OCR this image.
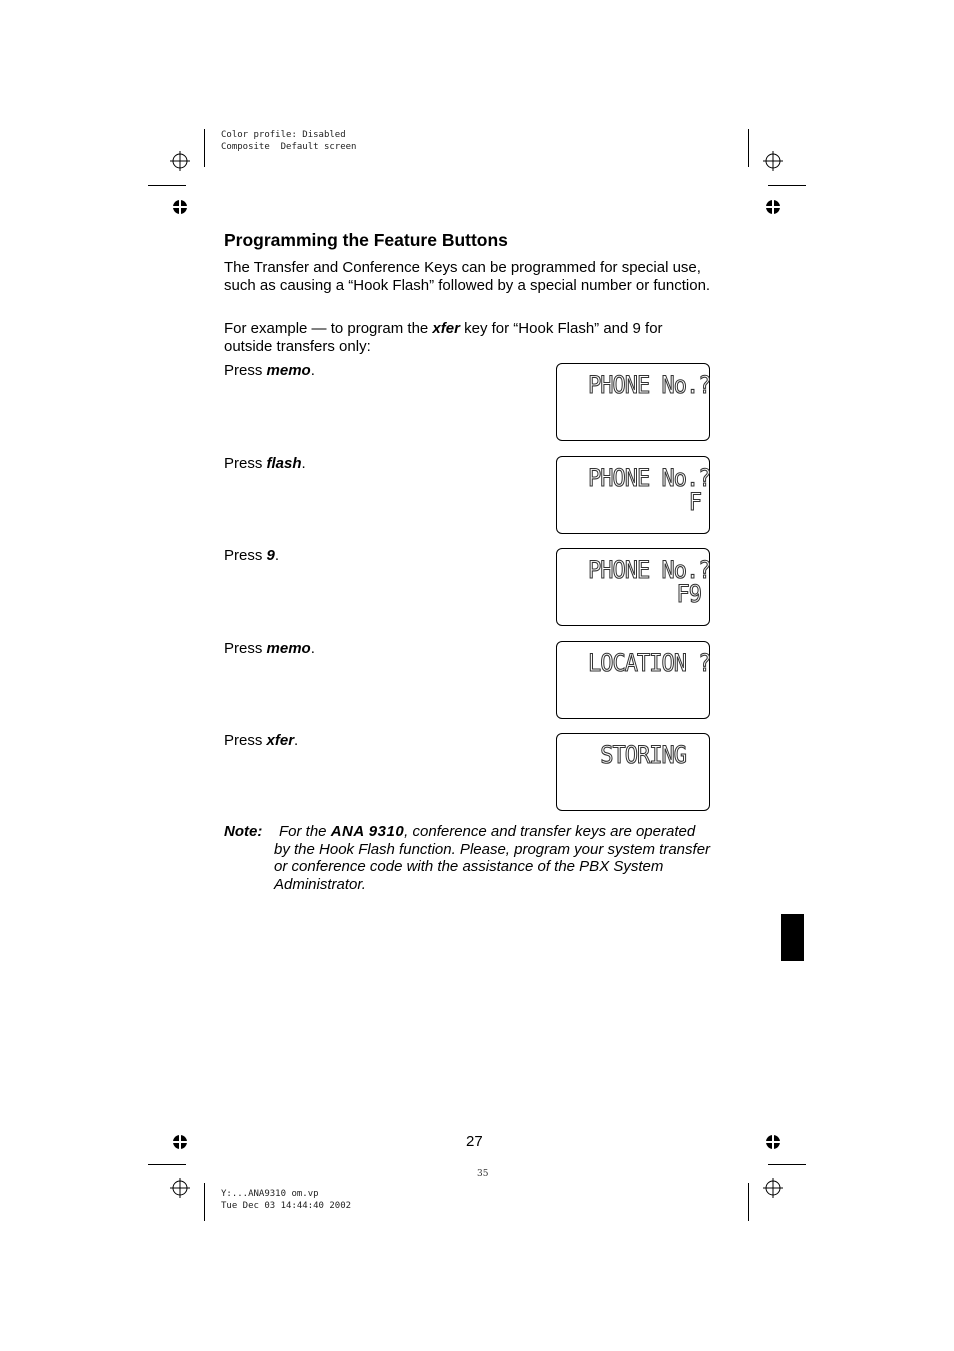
Color profile: Disabled
Composite  Default screen
Y:...ANA9310 om.vp
Tue Dec 03 14:44:40 2002
Programming the Feature Buttons

The Transfer and Conference Keys can be programmed for special use, such as causing a “Hook Flash” followed by a special number or function.

For example — to program the xfer key for “Hook Flash” and 9 for outside transfers only:

Press memo.
PHONE No.?
Press flash.
PHONE No.?
F
Press 9.
PHONE No.?
F9
Press memo.
LOCATION ?
Press xfer.
STORING
Note:	For the ANA 9310, conference and transfer keys are operated by the Hook Flash function. Please, program your system transfer or conference code with the assistance of the PBX System Administrator.
27
35
